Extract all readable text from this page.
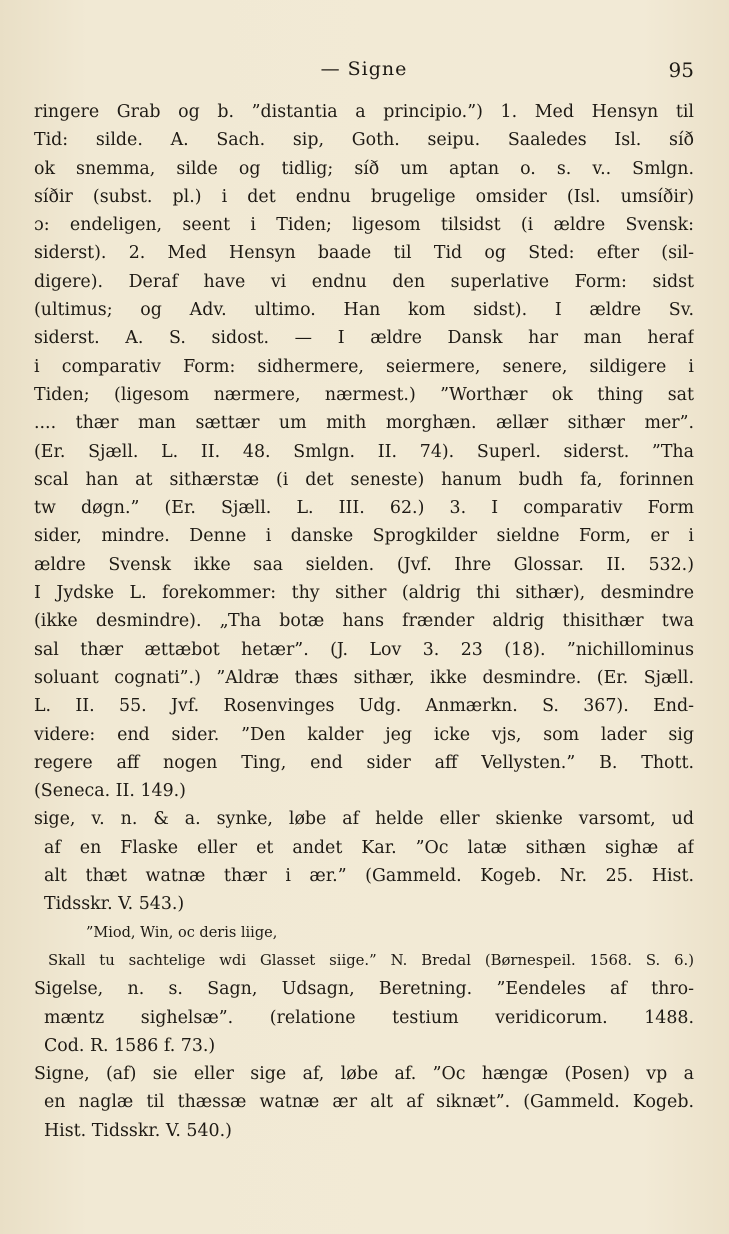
— Signe	95
ringere Grab og b. ”distantia a principio.”) 1. Med Hensyn til
Tid: silde. A. Sach. sip, Goth. seipu. Saaledes Isl. síð
ok snemma, silde og tidlig; síð um aptan o. s. v.. Smlgn.
síðir (subst. pl.) i det endnu brugelige omsider (Isl. umsíðir)
ɔ: endeligen, seent i Tiden; ligesom tilsidst (i ældre Svensk:
siderst). 2. Med Hensyn baade til Tid og Sted: efter (sil-
digere). Deraf have vi endnu den superlative Form: sidst
(ultimus; og Adv. ultimo. Han kom sidst). I ældre Sv.
siderst. A. S. sidost. — I ældre Dansk har man heraf
i comparativ Form: sidhermere, seiermere, senere, sildigere i
Tiden; (ligesom nærmere, nærmest.) ”Worthær ok thing sat
.... thær man sættær um mith morghæn. ællær sithær mer”.
(Er. Sjæll. L. II. 48. Smlgn. II. 74). Superl. siderst. ”Tha
scal han at sithærstæ (i det seneste) hanum budh fa, forinnen
tw døgn.” (Er. Sjæll. L. III. 62.) 3. I comparativ Form
sider, mindre. Denne i danske Sprogkilder sieldne Form, er i
ældre Svensk ikke saa sielden. (Jvf. Ihre Glossar. II. 532.)
I Jydske L. forekommer: thy sither (aldrig thi sithær), desmindre
(ikke desmindre). „Tha botæ hans frænder aldrig thisithær twa
sal thær ættæbot hetær”. (J. Lov 3. 23 (18). ”nichillominus
soluant cognati”.) ”Aldræ thæs sithær, ikke desmindre. (Er. Sjæll.
L. II. 55. Jvf. Rosenvinges Udg. Anmærkn. S. 367). End-
videre: end sider. ”Den kalder jeg icke vjs, som lader sig
regere aff nogen Ting, end sider aff Vellysten.” B. Thott.
(Seneca. II. 149.)
sige, v. n. & a. synke, løbe af helde eller skienke varsomt, ud
af en Flaske eller et andet Kar. ”Oc latæ sithæn sighæ af
alt thæt watnæ thær i ær.” (Gammeld. Kogeb. Nr. 25. Hist.
Tidsskr. V. 543.)
”Miod, Win, oc deris liige,
Skall tu sachtelige wdi Glasset siige.” N. Bredal (Børnespeil. 1568. S. 6.)
Sigelse, n. s. Sagn, Udsagn, Beretning. ”Eendeles af thro-
mæntz sighelsæ”. (relatione testium veridicorum. 1488.
Cod. R. 1586 f. 73.)
Signe, (af) sie eller sige af, løbe af. ”Oc hængæ (Posen) vp a
en naglæ til thæssæ watnæ ær alt af siknæt”. (Gammeld. Kogeb.
Hist. Tidsskr. V. 540.)
